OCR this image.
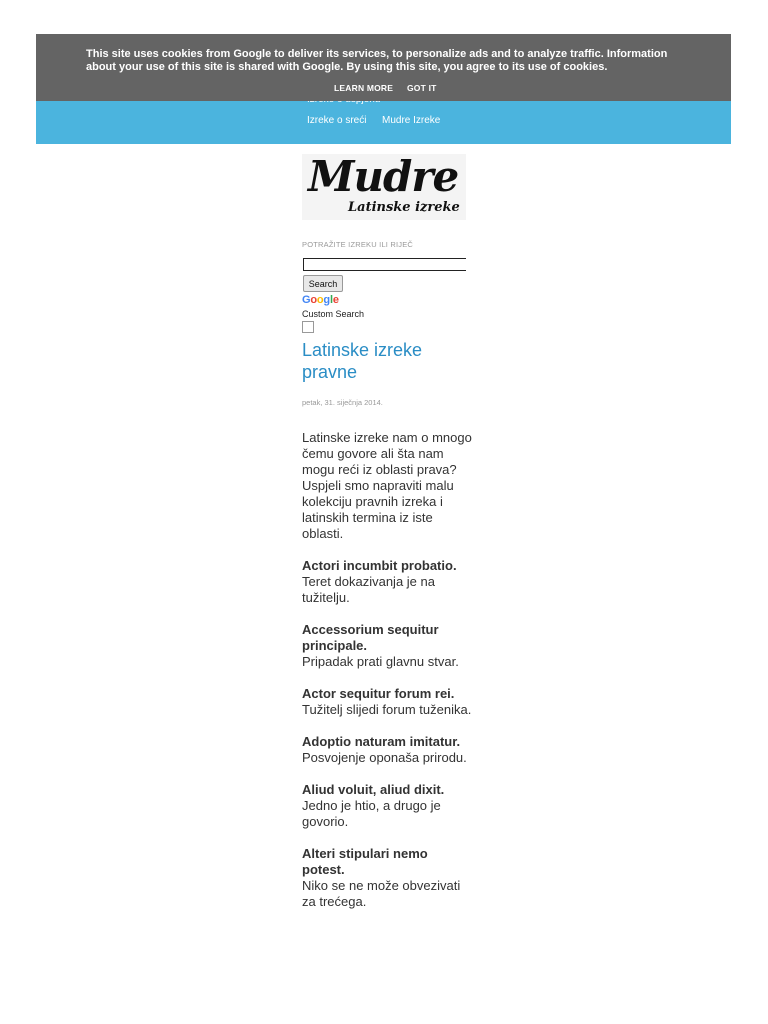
Izreke o sreći Mudre Izreke
This site uses cookies from Google to deliver its services, to personalize ads and to analyze traffic. Information about your use of this site is shared with Google. By using this site, you agree to its use of cookies.
LEARN MORE GOT IT
Mudre
Latinske izreke
POTRAŽITE IZREKU ILI RIJEČ
Search
Google
Custom Search
Latinske izreke pravne
petak, 31. siječnja 2014.

Latinske izreke nam o mnogo čemu govore ali šta nam mogu reći iz oblasti prava? Uspjeli smo napraviti malu kolekciju pravnih izreka i latinskih termina iz iste oblasti.

Actori incumbit probatio.
Teret dokazivanja je na tužitelju.

Accessorium sequitur principale.
Pripadak prati glavnu stvar.

Actor sequitur forum rei.
Tužitelj slijedi forum tuženika.

Adoptio naturam imitatur.
Posvojenje oponaša prirodu.

Aliud voluit, aliud dixit.
Jedno je htio, a drugo je govorio.

Alteri stipulari nemo potest.
Niko se ne može obvezivati za trećega.
